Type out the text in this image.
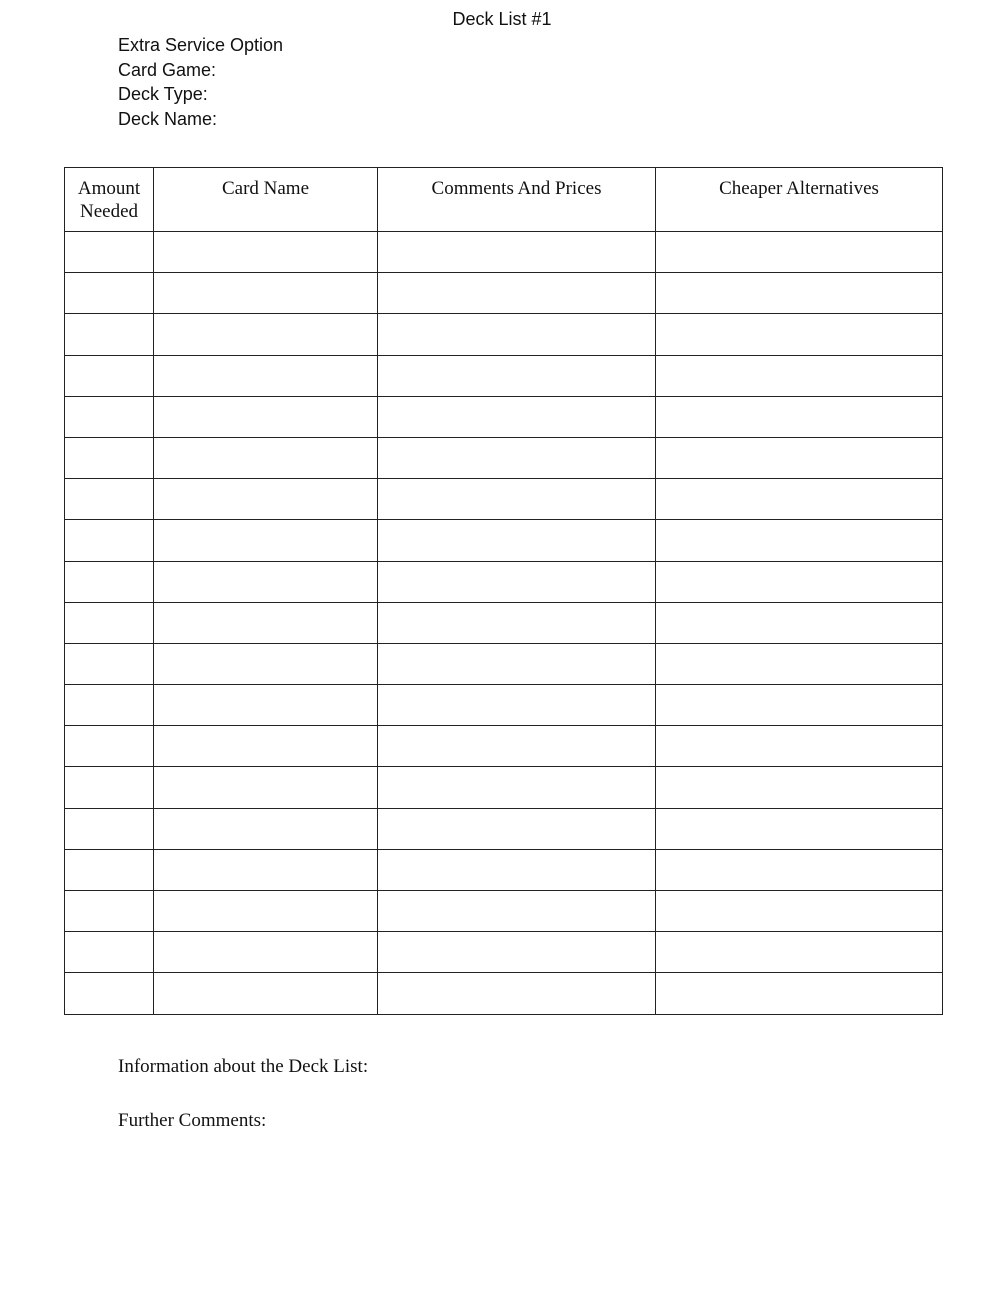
Deck List #1
Extra Service Option
Card Game:
Deck Type:
Deck Name:
Amount
Needed	Card Name	Comments And Prices	Cheaper Alternatives

Information about the Deck List:
Further Comments:
